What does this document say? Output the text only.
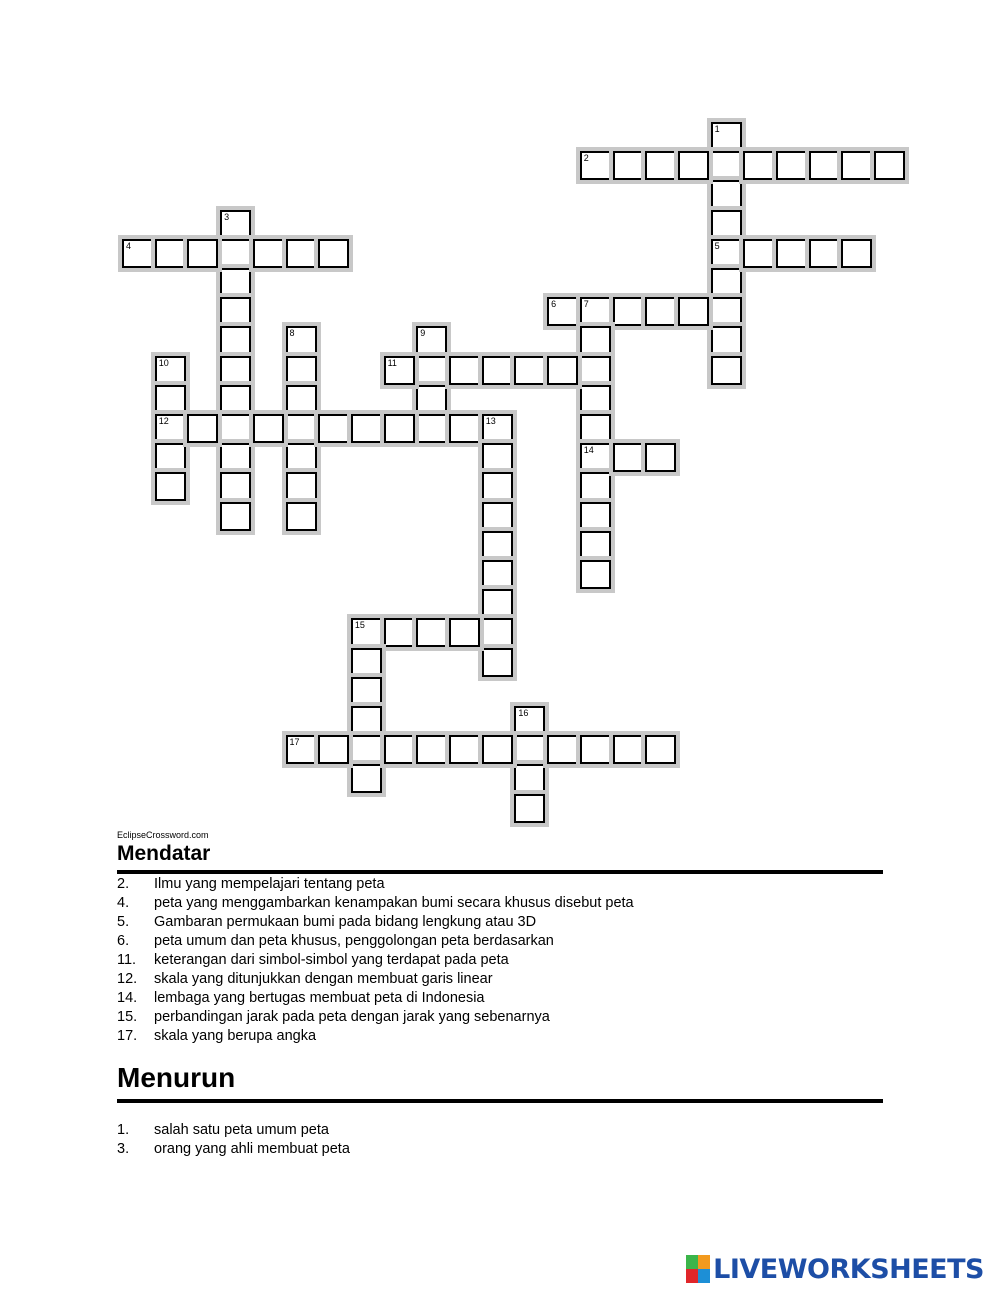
1
5
2
3
4
6	7
14
8	9
10
12
11
13
15
16
17
EclipseCrossword.com
Mendatar
2. Ilmu yang mempelajari tentang peta
4. peta yang menggambarkan kenampakan bumi secara khusus disebut peta
5. Gambaran permukaan bumi pada bidang lengkung atau 3D
6. peta umum dan peta khusus, penggolongan peta berdasarkan
11. keterangan dari simbol-simbol yang terdapat pada peta
12. skala yang ditunjukkan dengan membuat garis linear
14. lembaga yang bertugas membuat peta di Indonesia
15. perbandingan jarak pada peta dengan jarak yang sebenarnya
17. skala yang berupa angka
Menurun
1. salah satu peta umum peta
3. orang yang ahli membuat peta
LIVEWORKSHEETS
